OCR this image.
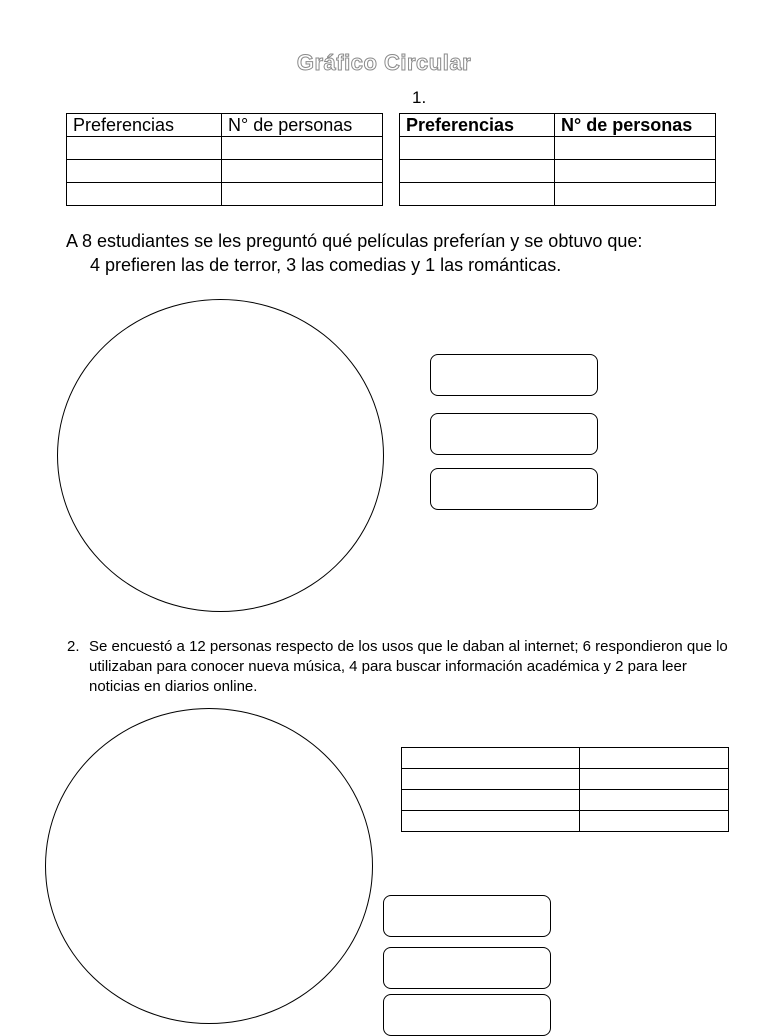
Gráfico Circular
1.
Preferencias	N° de personas

		Preferencias	N° de personas

A 8 estudiantes se les preguntó qué películas preferían y se obtuvo que:
4 prefieren las de terror, 3 las comedias y 1 las románticas.
2. Se encuestó a 12 personas respecto de los usos que le daban al internet; 6 respondieron que lo utilizaban para conocer nueva música, 4 para buscar información académica y 2 para leer noticias en diarios online.
